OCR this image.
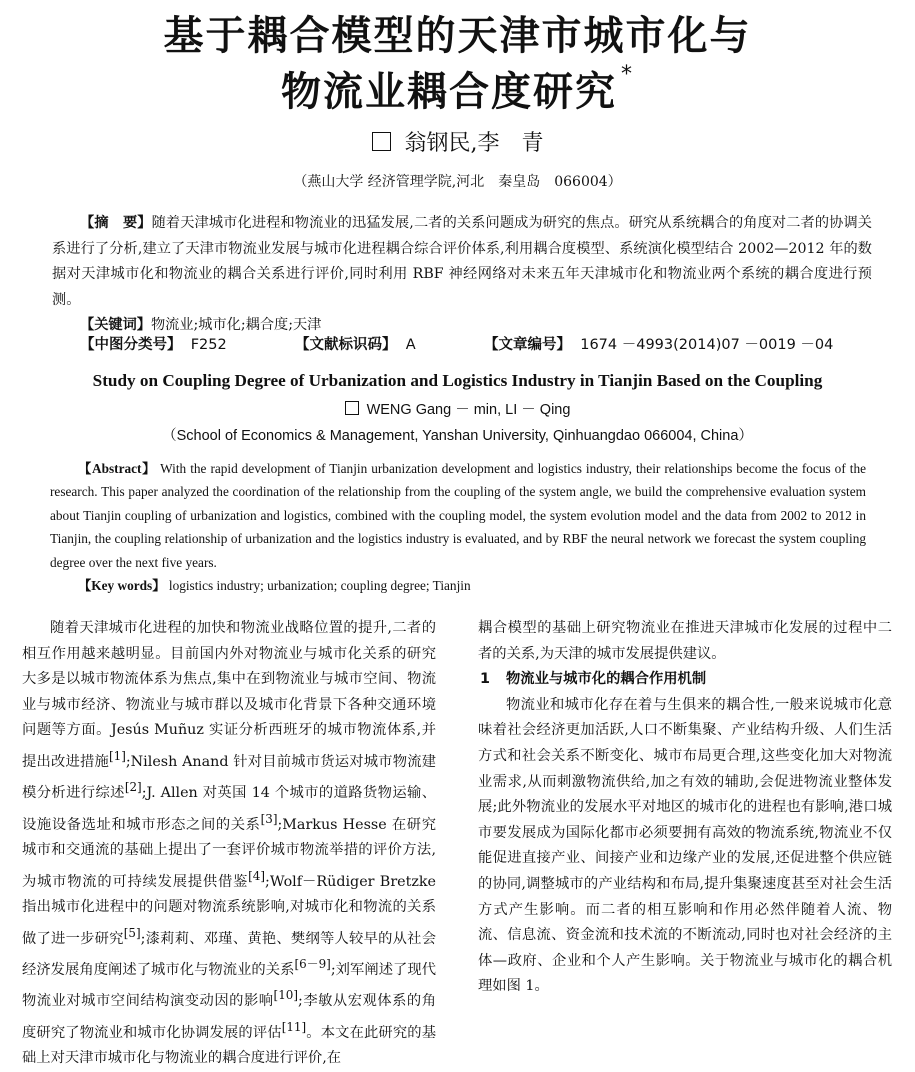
基于耦合模型的天津市城市化与
物流业耦合度研究 *
翁钢民,李　青
（燕山大学 经济管理学院,河北　秦皇岛　066004）

【摘　要】随着天津城市化进程和物流业的迅猛发展,二者的关系问题成为研究的焦点。研究从系统耦合的角度对二者的协调关系进行了分析,建立了天津市物流业发展与城市化进程耦合综合评价体系,利用耦合度模型、系统演化模型结合 2002—2012 年的数据对天津城市化和物流业的耦合关系进行评价,同时利用 RBF 神经网络对未来五年天津城市化和物流业两个系统的耦合度进行预测。

【关键词】物流业;城市化;耦合度;天津

【中图分类号】 F252	【文献标识码】 A	【文章编号】 1674 －4993(2014)07 －0019 －04
Study on Coupling Degree of Urbanization and Logistics Industry in Tianjin Based on the Coupling
WENG Gang － min, LI － Qing
（School of Economics & Management, Yanshan University, Qinhuangdao 066004, China）

【Abstract】 With the rapid development of Tianjin urbanization development and logistics industry, their relationships become the focus of the research. This paper analyzed the coordination of the relationship from the coupling of the system angle, we build the comprehensive evaluation system about Tianjin coupling of urbanization and logistics, combined with the coupling model, the system evolution model and the data from 2002 to 2012 in Tianjin, the coupling relationship of urbanization and the logistics industry is evaluated, and by RBF the neural network we forecast the system coupling degree over the next five years.

【Key words】 logistics industry; urbanization; coupling degree; Tianjin

随着天津城市化进程的加快和物流业战略位置的提升,二者的相互作用越来越明显。目前国内外对物流业与城市化关系的研究大多是以城市物流体系为焦点,集中在到物流业与城市空间、物流业与城市经济、物流业与城市群以及城市化背景下各种交通环境问题等方面。Jesús Muñuz 实证分析西班牙的城市物流体系,并提出改进措施[1];Nilesh Anand 针对目前城市货运对城市物流建模分析进行综述[2];J. Allen 对英国 14 个城市的道路货物运输、设施设备选址和城市形态之间的关系[3];Markus Hesse 在研究城市和交通流的基础上提出了一套评价城市物流举措的评价方法,为城市物流的可持续发展提供借鉴[4];Wolf－Rüdiger Bretzke 指出城市化进程中的问题对物流系统影响,对城市化和物流的关系做了进一步研究[5];漆莉莉、邓瑾、黄艳、樊纲等人较早的从社会经济发展角度阐述了城市化与物流业的关系[6－9];刘军阐述了现代物流业对城市空间结构演变动因的影响[10];李敏从宏观体系的角度研究了物流业和城市化协调发展的评估[11]。本文在此研究的基础上对天津市城市化与物流业的耦合度进行评价,在

耦合模型的基础上研究物流业在推进天津城市化发展的过程中二者的关系,为天津的城市发展提供建议。

1 物流业与城市化的耦合作用机制

物流业和城市化存在着与生俱来的耦合性,一般来说城市化意味着社会经济更加活跃,人口不断集聚、产业结构升级、人们生活方式和社会关系不断变化、城市布局更合理,这些变化加大对物流业需求,从而刺激物流供给,加之有效的辅助,会促进物流业整体发展;此外物流业的发展水平对地区的城市化的进程也有影响,港口城市要发展成为国际化都市必须要拥有高效的物流系统,物流业不仅能促进直接产业、间接产业和边缘产业的发展,还促进整个供应链的协同,调整城市的产业结构和布局,提升集聚速度甚至对社会生活方式产生影响。而二者的相互影响和作用必然伴随着人流、物流、信息流、资金流和技术流的不断流动,同时也对社会经济的主体—政府、企业和个人产生影响。关于物流业与城市化的耦合机理如图 1。
